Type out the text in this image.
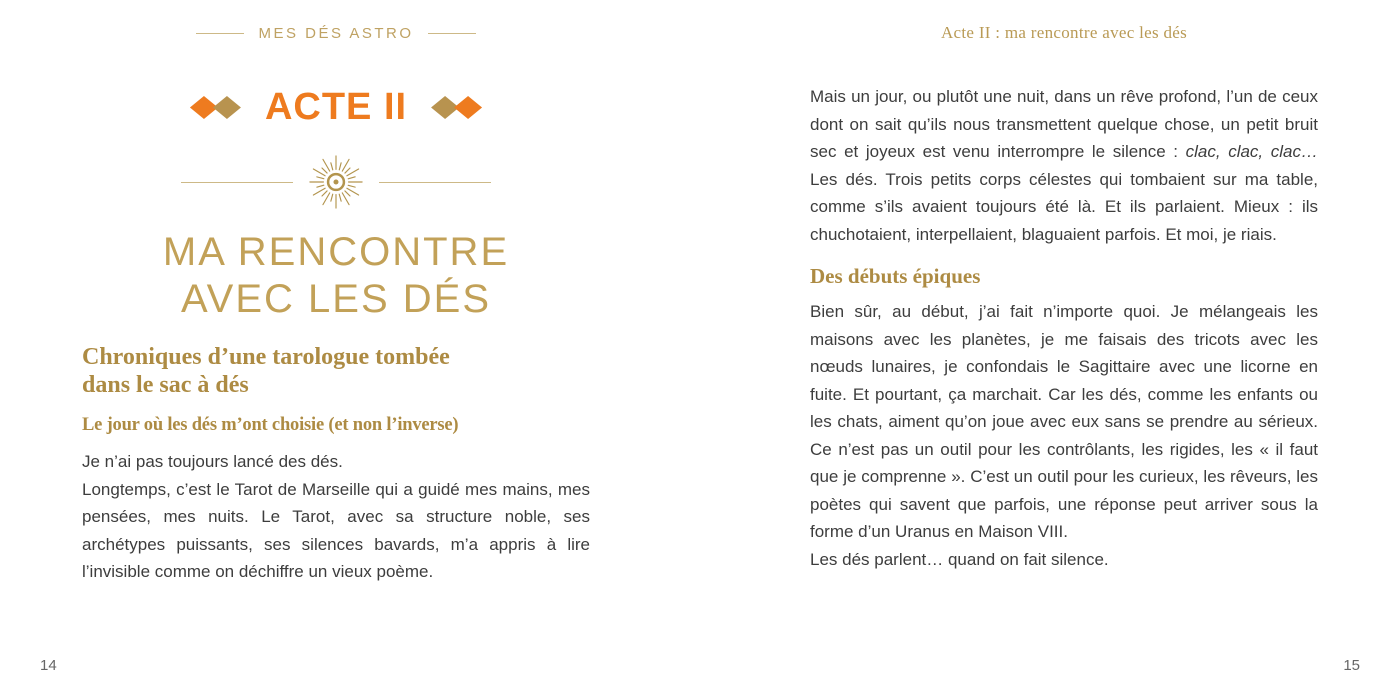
MES DÉS ASTRO
ACTE II
MA RENCONTRE
AVEC LES DÉS
Chroniques d’une tarologue tombée
dans le sac à dés
Le jour où les dés m’ont choisie (et non l’inverse)

Je n’ai pas toujours lancé des dés.

Longtemps, c’est le Tarot de Marseille qui a guidé mes mains, mes pensées, mes nuits. Le Tarot, avec sa structure noble, ses archétypes puissants, ses silences bavards, m’a appris à lire l’invisible comme on déchiffre un vieux poème.

14
Acte II : ma rencontre avec les dés

Mais un jour, ou plutôt une nuit, dans un rêve profond, l’un de ceux dont on sait qu’ils nous transmettent quelque chose, un petit bruit sec et joyeux est venu interrompre le silence : clac, clac, clac… Les dés. Trois petits corps célestes qui tombaient sur ma table, comme s’ils avaient toujours été là. Et ils parlaient. Mieux : ils chuchotaient, interpellaient, blaguaient parfois. Et moi, je riais.

Des débuts épiques

Bien sûr, au début, j’ai fait n’importe quoi. Je mélangeais les maisons avec les planètes, je me faisais des tricots avec les nœuds lunaires, je confondais le Sagittaire avec une licorne en fuite. Et pourtant, ça marchait. Car les dés, comme les enfants ou les chats, aiment qu’on joue avec eux sans se prendre au sérieux. Ce n’est pas un outil pour les contrôlants, les rigides, les « il faut que je comprenne ». C’est un outil pour les curieux, les rêveurs, les poètes qui savent que parfois, une réponse peut arriver sous la forme d’un Uranus en Maison VIII.

Les dés parlent… quand on fait silence.

15
